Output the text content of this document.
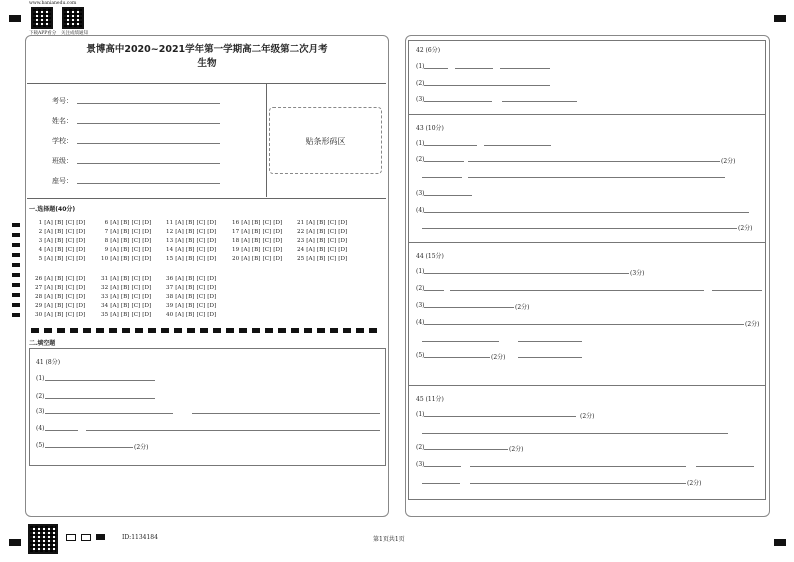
www.banianedu.com
下载APP看分 关注成绩通知
景博高中2020~2021学年第一学期高二年级第二次月考
生物
考号：
姓名：
学校：
班级：
座号：
贴条形码区
一.选择题(40分)
 1 [A] [B] [C] [D]	 6 [A] [B] [C] [D]	11 [A] [B] [C] [D]	16 [A] [B] [C] [D]	21 [A] [B] [C] [D]
 2 [A] [B] [C] [D]	 7 [A] [B] [C] [D]	12 [A] [B] [C] [D]	17 [A] [B] [C] [D]	22 [A] [B] [C] [D]
 3 [A] [B] [C] [D]	 8 [A] [B] [C] [D]	13 [A] [B] [C] [D]	18 [A] [B] [C] [D]	23 [A] [B] [C] [D]
 4 [A] [B] [C] [D]	 9 [A] [B] [C] [D]	14 [A] [B] [C] [D]	19 [A] [B] [C] [D]	24 [A] [B] [C] [D]
 5 [A] [B] [C] [D]	10 [A] [B] [C] [D]	15 [A] [B] [C] [D]	20 [A] [B] [C] [D]	25 [A] [B] [C] [D]
26 [A] [B] [C] [D]	31 [A] [B] [C] [D]	36 [A] [B] [C] [D]
27 [A] [B] [C] [D]	32 [A] [B] [C] [D]	37 [A] [B] [C] [D]
28 [A] [B] [C] [D]	33 [A] [B] [C] [D]	38 [A] [B] [C] [D]
29 [A] [B] [C] [D]	34 [A] [B] [C] [D]	39 [A] [B] [C] [D]
30 [A] [B] [C] [D]	35 [A] [B] [C] [D]	40 [A] [B] [C] [D]
二.填空题
41 (8分)
(1)
(2)
(3)
(4)
(5)	(2分)
42 (6分)
(1)
(2)
(3)
43 (10分)
(1)
(2)	(2分)
(3)
(4)
(2分)
44 (15分)
(1)	(3分)
(2)
(3)	(2分)
(4)	(2分)
(5)	(2分)
45 (11分)
(1)	(2分)
(2)	(2分)
(3)
(2分)
ID:1134184	第1页共1页
